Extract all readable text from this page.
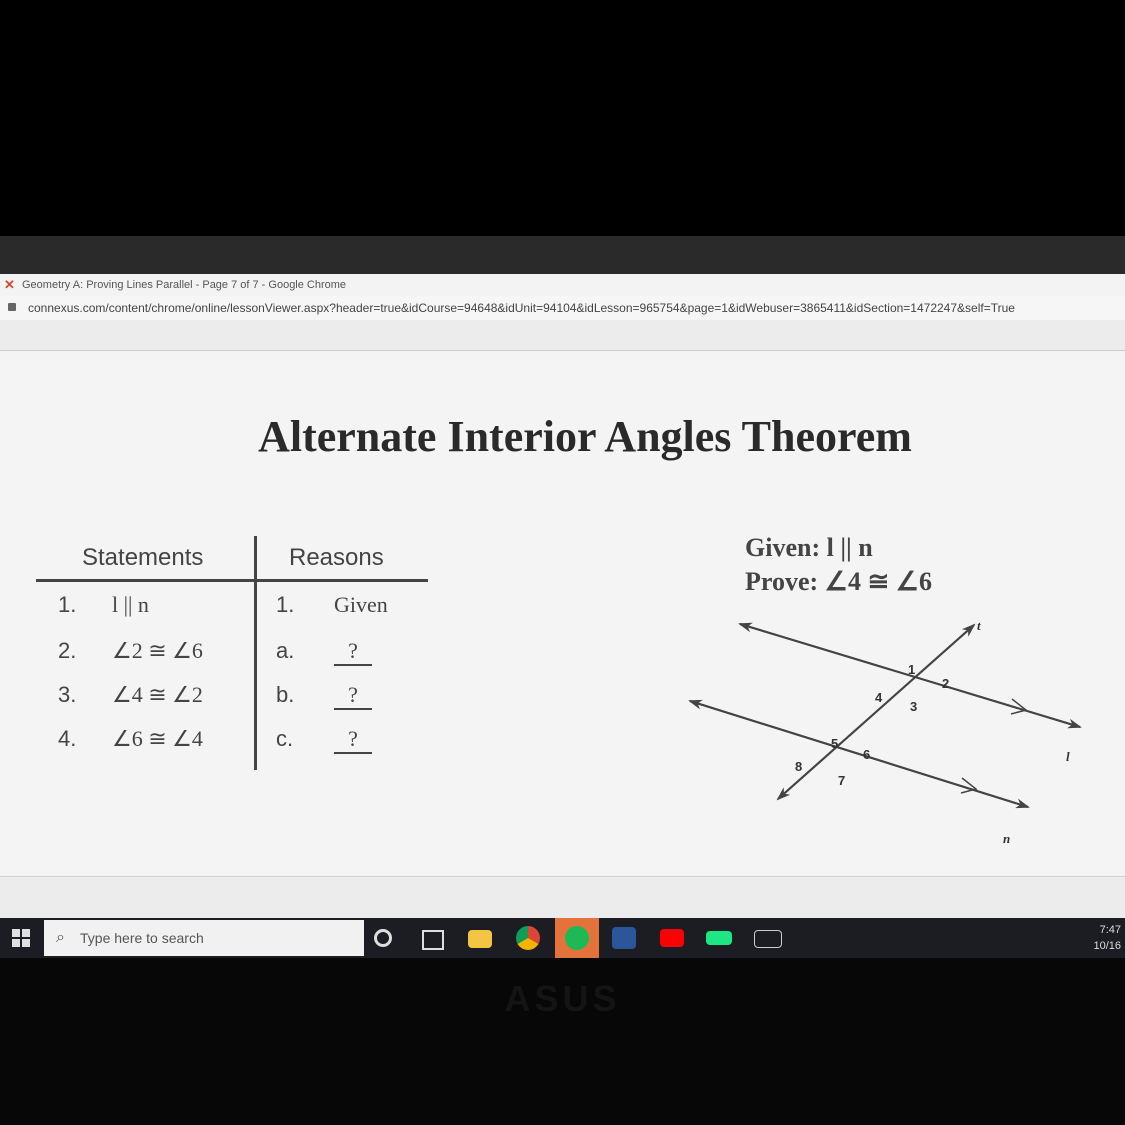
✕ Geometry A: Proving Lines Parallel - Page 7 of 7 - Google Chrome
connexus.com/content/chrome/online/lessonViewer.aspx?header=true&idCourse=94648&idUnit=94104&idLesson=965754&page=1&idWebuser=3865411&idSection=1472247&self=True
Alternate Interior Angles Theorem
Statements	Reasons
1. l || n	1. Given
2. ∠2 ≅ ∠6	a.	?
3. ∠4 ≅ ∠2	b.	?
4. ∠6 ≅ ∠4	c.	?
Given: l || n
Prove: ∠4 ≅ ∠6
1
2
3
4
5
6
7
8
t
l
n
⌕ Type here to search	7:47
10/16
ASUS
